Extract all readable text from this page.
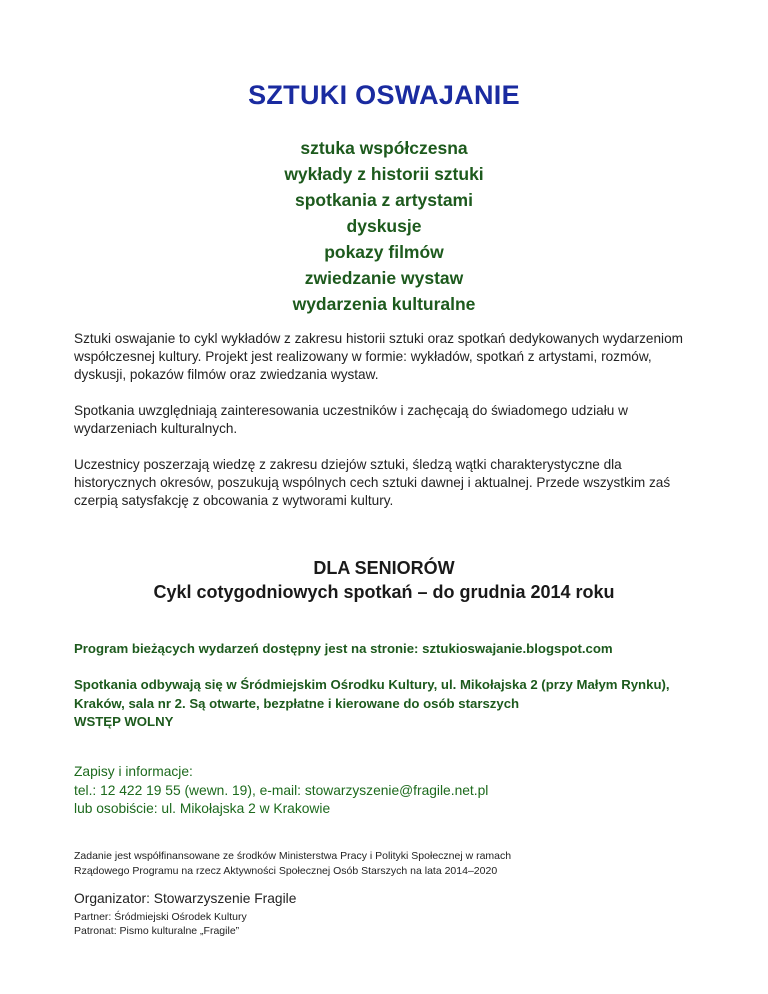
SZTUKI OSWAJANIE
sztuka współczesna
wykłady z historii sztuki
spotkania z artystami
dyskusje
pokazy filmów
zwiedzanie wystaw
wydarzenia kulturalne

Sztuki oswajanie to cykl wykładów z zakresu historii sztuki oraz spotkań dedykowanych wydarzeniom współczesnej kultury. Projekt jest realizowany w formie: wykładów, spotkań z artystami, rozmów, dyskusji, pokazów filmów oraz zwiedzania wystaw.

Spotkania uwzględniają zainteresowania uczestników i zachęcają do świadomego udziału w wydarzeniach kulturalnych.

Uczestnicy poszerzają wiedzę z zakresu dziejów sztuki, śledzą wątki charakterystyczne dla historycznych okresów, poszukują wspólnych cech sztuki dawnej i aktualnej. Przede wszystkim zaś czerpią satysfakcję z obcowania z wytworami kultury.

DLA SENIORÓW
Cykl cotygodniowych spotkań – do grudnia 2014 roku
Program bieżących wydarzeń dostępny jest na stronie: sztukioswajanie.blogspot.com
Spotkania odbywają się w Śródmiejskim Ośrodku Kultury, ul. Mikołajska 2 (przy Małym Rynku),
Kraków, sala nr 2. Są otwarte, bezpłatne i kierowane do osób starszych
WSTĘP WOLNY
Zapisy i informacje:
tel.: 12 422 19 55 (wewn. 19), e-mail: stowarzyszenie@fragile.net.pl
lub osobiście: ul. Mikołajska 2 w Krakowie
Zadanie jest współfinansowane ze środków Ministerstwa Pracy i Polityki Społecznej w ramach
Rządowego Programu na rzecz Aktywności Społecznej Osób Starszych na lata 2014–2020
Organizator: Stowarzyszenie Fragile
Partner: Śródmiejski Ośrodek Kultury
Patronat: Pismo kulturalne „Fragile”
